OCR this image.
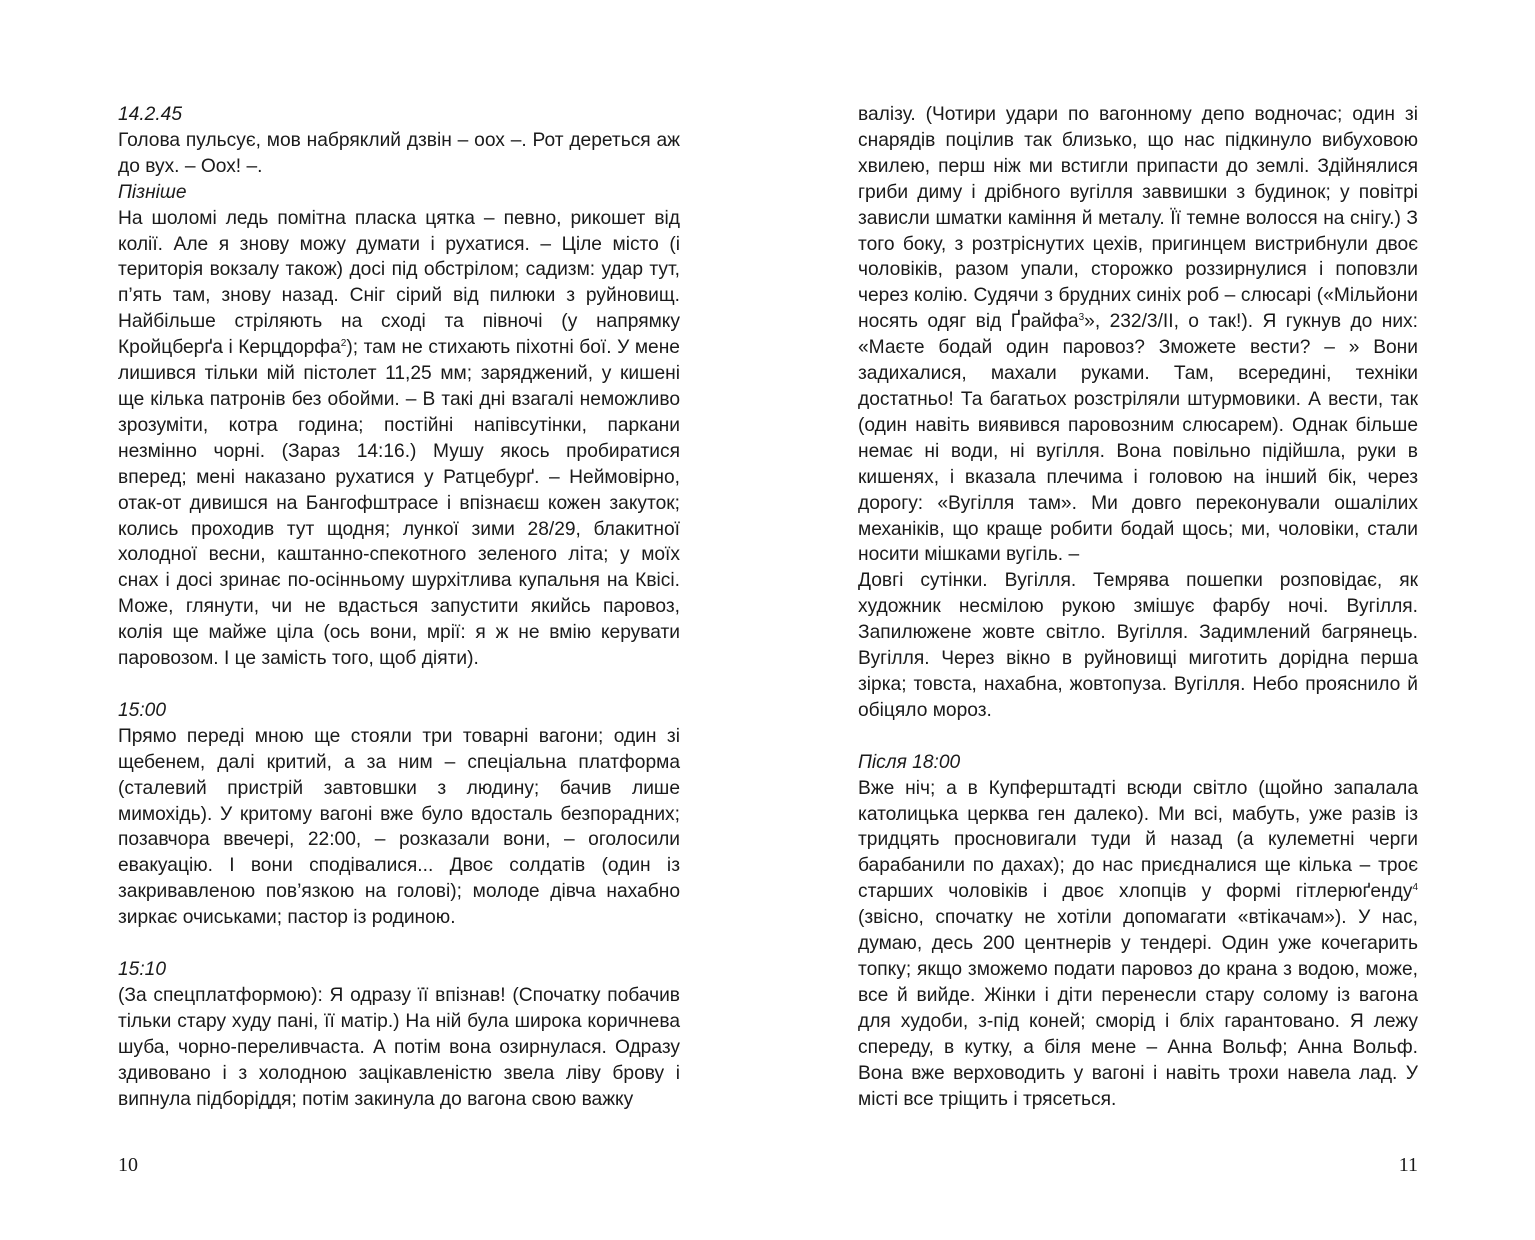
14.2.45

Голова пульсує, мов набряклий дзвін – оох –. Рот дереться аж до вух. – Оох! –.

Пізніше

На шоломі ледь помітна пласка цятка – певно, рикошет від колії. Але я знову можу думати і рухатися. – Ціле місто (і територія вокзалу також) досі під обстрілом; садизм: удар тут, п’ять там, знову назад. Сніг сірий від пилюки з руйновищ. Найбільше стріляють на сході та півночі (у напрямку Кройцберґа і Керцдорфа$^2$); там не стихають піхотні бої. У мене лишився тільки мій пістолет 11,25 мм; заряджений, у кишені ще кілька патронів без обойми. – В такі дні взагалі неможливо зрозуміти, котра година; постійні напівсутінки, паркани незмінно чорні. (Зараз 14:16.) Мушу якось пробиратися вперед; мені наказано рухатися у Ратцебурґ. – Неймовірно, отак-от дивишся на Бангофштрасе і впізнаєш кожен закуток; колись проходив тут щодня; лункої зими 28/29, блакитної холодної весни, каштанно-спекотного зеленого літа; у моїх снах і досі зринає по-осінньому шурхітлива купальня на Квісі. Може, глянути, чи не вдасться запустити якийсь паровоз, колія ще майже ціла (ось вони, мрії: я ж не вмію керувати паровозом. І це замість того, щоб діяти).

15:00

Прямо переді мною ще стояли три товарні вагони; один зі щебенем, далі критий, а за ним – спеціальна платформа (сталевий пристрій завтовшки з людину; бачив лише мимохідь). У критому вагоні вже було вдосталь безпорадних; позавчора ввечері, 22:00, – розказали вони, – оголосили евакуацію. І вони сподівалися... Двоє солдатів (один із закривавленою пов’язкою на голові); молоде дівча нахабно зиркає очиськами; пастор із родиною.

15:10

(За спецплатформою): Я одразу її впізнав! (Спочатку побачив тільки стару худу пані, її матір.) На ній була широка коричнева шуба, чорно-переливчаста. А потім вона озирнулася. Одразу здивовано і з холодною зацікавленістю звела ліву брову і випнула підборіддя; потім закинула до вагона свою важку

10

валізу. (Чотири удари по вагонному депо водночас; один зі снарядів поцілив так близько, що нас підкинуло вибуховою хвилею, перш ніж ми встигли припасти до землі. Здійнялися гриби диму і дрібного вугілля заввишки з будинок; у повітрі зависли шматки каміння й металу. Її темне волосся на снігу.) З того боку, з розтріснутих цехів, пригинцем вистрибнули двоє чоловіків, разом упали, сторожко роззирнулися і поповзли через колію. Судячи з брудних синіх роб – слюсарі («Мільйони носять одяг від Ґрайфа$^3$», 232/3/II, о так!). Я гукнув до них: «Маєте бодай один паровоз? Зможете вести? – » Вони задихалися, махали руками. Там, всередині, техніки достатньо! Та багатьох розстріляли штурмовики. А вести, так (один навіть виявився паровозним слюсарем). Однак більше немає ні води, ні вугілля. Вона повільно підійшла, руки в кишенях, і вказала плечима і головою на інший бік, через дорогу: «Вугілля там». Ми довго переконували ошалілих механіків, що краще робити бодай щось; ми, чоловіки, стали носити мішками вугіль. –

Довгі сутінки. Вугілля. Темрява пошепки розповідає, як художник несмілою рукою змішує фарбу ночі. Вугілля. Запилюжене жовте світло. Вугілля. Задимлений багрянець. Вугілля. Через вікно в руйновищі миготить дорідна перша зірка; товста, нахабна, жовтопуза. Вугілля. Небо прояснило й обіцяло мороз.

Після 18:00

Вже ніч; а в Купферштадті всюди світло (щойно запалала католицька церква ген далеко). Ми всі, мабуть, уже разів із тридцять просновигали туди й назад (а кулеметні черги барабанили по дахах); до нас приєдналися ще кілька – троє старших чоловіків і двоє хлопців у формі гітлерюґенду$^4$ (звісно, спочатку не хотіли допомагати «втікачам»). У нас, думаю, десь 200 центнерів у тендері. Один уже кочегарить топку; якщо зможемо подати паровоз до крана з водою, може, все й вийде. Жінки і діти перенесли стару солому із вагона для худоби, з-під коней; сморід і бліх гарантовано. Я лежу спереду, в кутку, а біля мене – Анна Вольф; Анна Вольф. Вона вже верховодить у вагоні і навіть трохи навела лад. У місті все тріщить і трясеться.

11
